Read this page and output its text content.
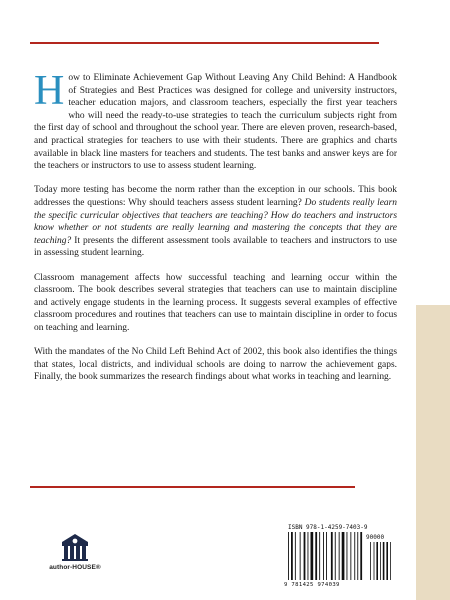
How to Eliminate Achievement Gap Without Leaving Any Child Behind: A Handbook of Strategies and Best Practices was designed for college and university instructors, teacher education majors, and classroom teachers, especially the first year teachers who will need the ready-to-use strategies to teach the curriculum subjects right from the first day of school and throughout the school year. There are eleven proven, research-based, and practical strategies for teachers to use with their students. There are graphics and charts available in black line masters for teachers and students. The test banks and answer keys are for the teachers or instructors to use to assess student learning.

Today more testing has become the norm rather than the exception in our schools. This book addresses the questions: Why should teachers assess student learning? Do students really learn the specific curricular objectives that teachers are teaching? How do teachers and instructors know whether or not students are really learning and mastering the concepts that they are teaching? It presents the different assessment tools available to teachers and instructors to use in assessing student learning.

Classroom management affects how successful teaching and learning occur within the classroom. The book describes several strategies that teachers can use to maintain discipline and actively engage students in the learning process. It suggests several examples of effective classroom procedures and routines that teachers can use to maintain discipline in order to focus on teaching and learning.

With the mandates of the No Child Left Behind Act of 2002, this book also identifies the things that states, local districts, and individual schools are doing to narrow the achievement gaps. Finally, the book summarizes the research findings about what works in teaching and learning.

author-HOUSE®
ISBN 978-1-4259-7403-9
90000
9 781425 974039
